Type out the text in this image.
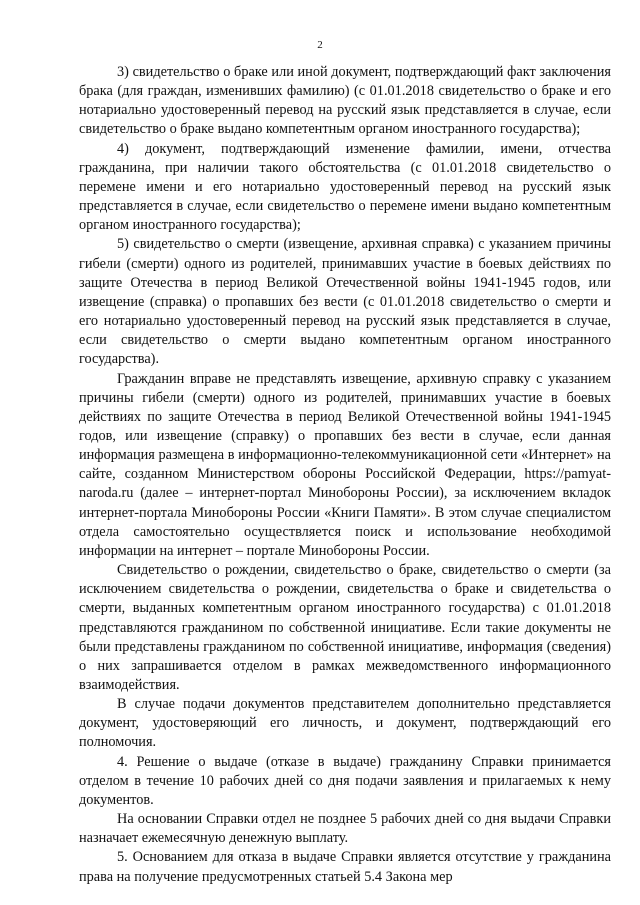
2

3) свидетельство о браке или иной документ, подтверждающий факт заключения брака (для граждан, изменивших фамилию) (с 01.01.2018 свидетельство о браке и его нотариально удостоверенный перевод на русский язык представляется в случае, если свидетельство о браке выдано компетентным органом иностранного государства);

4) документ, подтверждающий изменение фамилии, имени, отчества гражданина, при наличии такого обстоятельства (с 01.01.2018 свидетельство о перемене имени и его нотариально удостоверенный перевод на русский язык представляется в случае, если свидетельство о перемене имени выдано компетентным органом иностранного государства);

5) свидетельство о смерти (извещение, архивная справка) с указанием причины гибели (смерти) одного из родителей, принимавших участие в боевых действиях по защите Отечества в период Великой Отечественной войны 1941-1945 годов, или извещение (справка) о пропавших без вести (с 01.01.2018 свидетельство о смерти и его нотариально удостоверенный перевод на русский язык представляется в случае, если свидетельство о смерти выдано компетентным органом иностранного государства).

Гражданин вправе не представлять извещение, архивную справку с указанием причины гибели (смерти) одного из родителей, принимавших участие в боевых действиях по защите Отечества в период Великой Отечественной войны 1941-1945 годов, или извещение (справку) о пропавших без вести в случае, если данная информация размещена в информационно-телекоммуникационной сети «Интернет» на сайте, созданном Министерством обороны Российской Федерации, https://pamyat-naroda.ru (далее – интернет-портал Минобороны России), за исключением вкладок интернет-портала Минобороны России «Книги Памяти». В этом случае специалистом отдела самостоятельно осуществляется поиск и использование необходимой информации на интернет – портале Минобороны России.

Свидетельство о рождении, свидетельство о браке, свидетельство о смерти (за исключением свидетельства о рождении, свидетельства о браке и свидетельства о смерти, выданных компетентным органом иностранного государства) с 01.01.2018 представляются гражданином по собственной инициативе. Если такие документы не были представлены гражданином по собственной инициативе, информация (сведения) о них запрашивается отделом в рамках межведомственного информационного взаимодействия.

В случае подачи документов представителем дополнительно представляется документ, удостоверяющий его личность, и документ, подтверждающий его полномочия.

4. Решение о выдаче (отказе в выдаче) гражданину Справки принимается отделом в течение 10 рабочих дней со дня подачи заявления и прилагаемых к нему документов.

На основании Справки отдел не позднее 5 рабочих дней со дня выдачи Справки назначает ежемесячную денежную выплату.

5. Основанием для отказа в выдаче Справки является отсутствие у гражданина права на получение предусмотренных статьей 5.4 Закона мер
